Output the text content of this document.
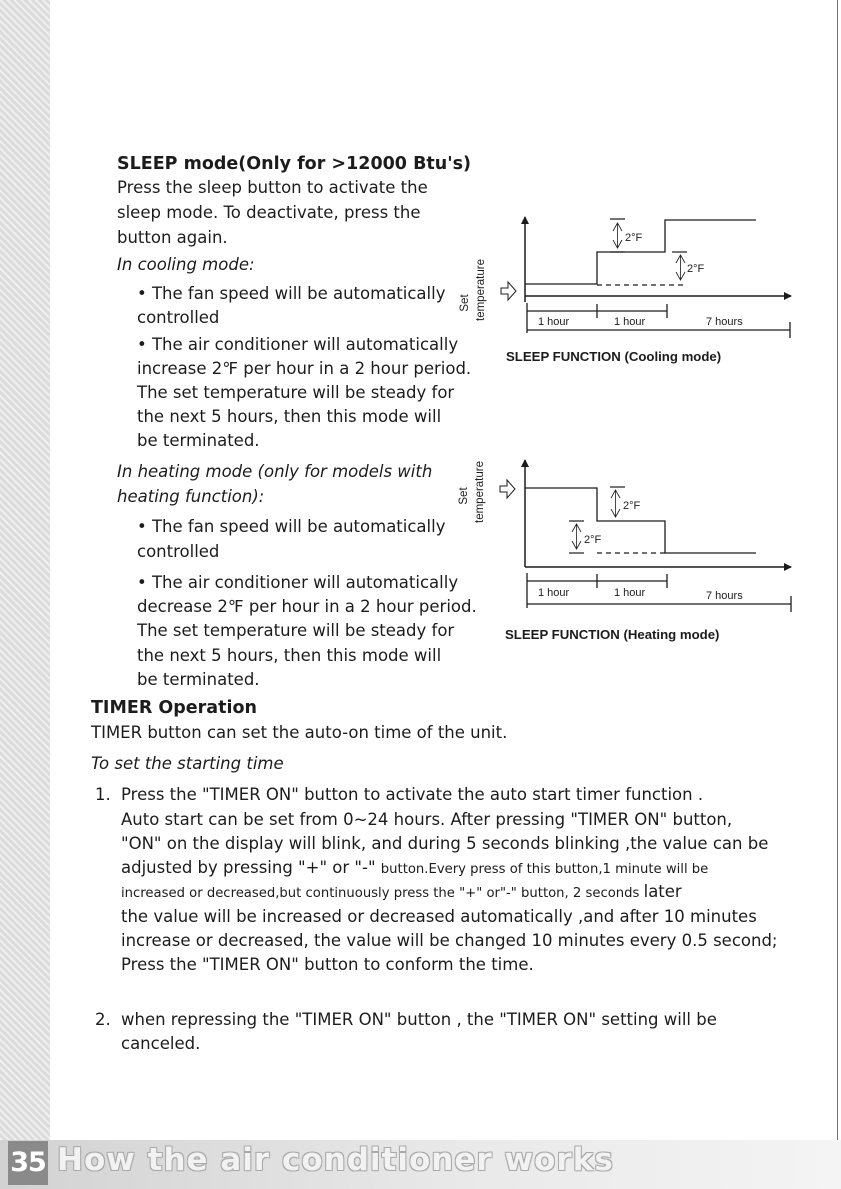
SLEEP mode(Only for >12000 Btu's)
Press the sleep button to activate the
sleep mode. To deactivate, press the
button again.
In cooling mode:
• The fan speed will be automatically
controlled
• The air conditioner will automatically
increase 2℉ per hour in a 2 hour period.
The set temperature will be steady for
the next 5 hours, then this mode will
be terminated.
In heating mode (only for models with
heating function):
• The fan speed will be automatically
controlled
• The air conditioner will automatically
decrease 2℉ per hour in a 2 hour period.
The set temperature will be steady for
the next 5 hours, then this mode will
be terminated.
Set temperature
2°F
2°F
1 hour	1 hour	7 hours
SLEEP FUNCTION (Cooling mode)
Set temperature	2°F
2°F
1 hour	1 hour	7 hours
SLEEP FUNCTION (Heating mode)
TIMER Operation
TIMER button can set the auto-on time of the unit.
To set the starting time
1. Press the "TIMER ON" button to activate the auto start timer function .
Auto start can be set from 0~24 hours. After pressing "TIMER ON" button,
"ON" on the display will blink, and during 5 seconds blinking ,the value can be
adjusted by pressing "+" or "-" button.Every press of this button,1 minute will be
increased or decreased,but continuously press the "+" or"-" button, 2 seconds later
the value will be increased or decreased automatically ,and after 10 minutes
increase or decreased, the value will be changed 10 minutes every 0.5 second;
Press the "TIMER ON" button to conform the time.
2. when repressing the "TIMER ON" button , the "TIMER ON" setting will be
canceled.
35 How the air conditioner works
